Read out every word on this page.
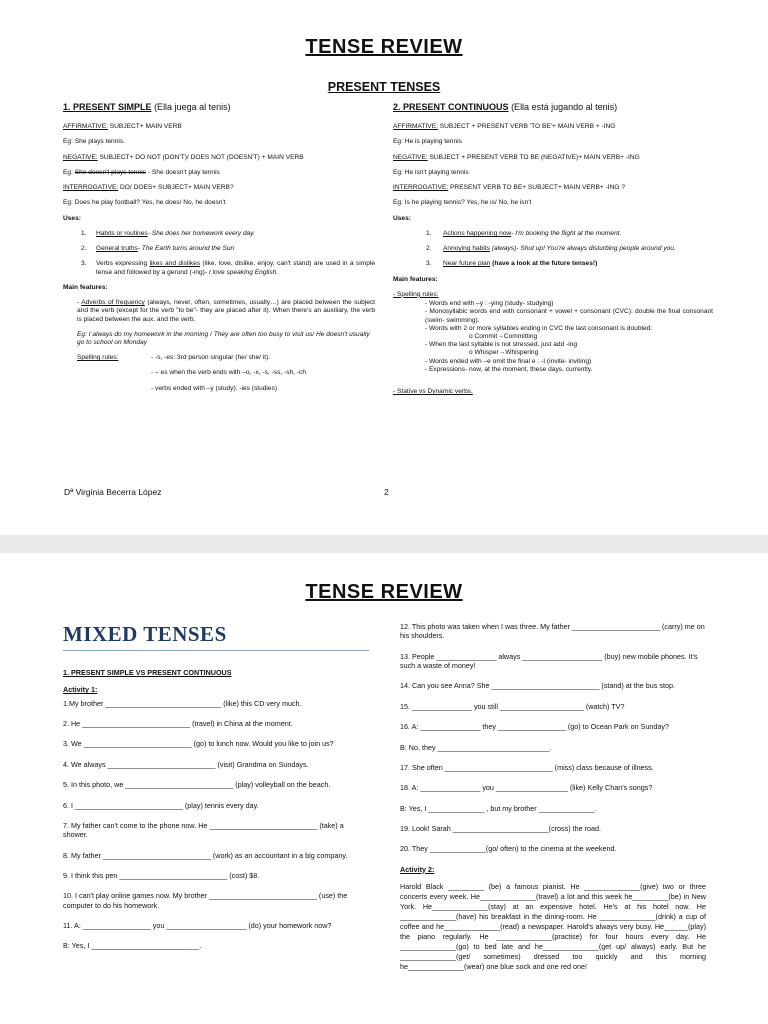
TENSE REVIEW
PRESENT TENSES

1. PRESENT SIMPLE (Ella juega al tenis)

AFFIRMATIVE: SUBJECT+ MAIN VERB

Eg: She plays tennis.

NEGATIVE: SUBJECT+ DO NOT (DON'T)/ DOES NOT (DOESN'T) + MAIN VERB

Eg: She doesn't plays tennis - She doesn't play tennis

INTERROGATIVE: DO/ DOES+ SUBJECT+ MAIN VERB?

Eg: Does he play football? Yes, he does/ No, he doesn't

Uses:

1. Habits or routines- She does her homework every day.
2. General truths- The Earth turns around the Sun
3. Verbs expressing likes and dislikes (like, love, dislike, enjoy, can't stand) are used in a simple tense and followed by a gerund (-ing)- I love speaking English.

Main features:

- Adverbs of frequency (always, never, often, sometimes, usually…) are placed between the subject and the verb (except for the verb "to be"- they are placed after it). When there's an auxiliary, the verb is placed between the aux. and the verb.

Eg: I always do my homework in the morning / They are often too busy to visit us/ He doesn't usually go to school on Monday

Spelling rules:	- -s, -es: 3rd person singular (he/ she/ it).
- – es when the verb ends with –o, -x, -s, -ss, -sh, -ch
- verbs ended with –y (study): -ies (studies)

2. PRESENT CONTINUOUS (Ella está jugando al tenis)

AFFIRMATIVE: SUBJECT + PRESENT VERB 'TO BE'+ MAIN VERB + -ING

Eg: He is playing tennis

NEGATIVE: SUBJECT + PRESENT VERB TO BE (NEGATIVE)+ MAIN VERB+ -ING

Eg: He isn't playing tennis

INTERROGATIVE: PRESENT VERB TO BE+ SUBJECT+ MAIN VERB+ -ING ?

Eg: Is he playing tennis? Yes, he is/ No, he isn't

Uses:

1. Actions happening now- I'm booking the flight at the moment.
2. Annoying habits (always)- Shut up! You're always disturbing people around you.
3. Near future plan (have a look at the future tenses!)

Main features:

- Spelling rules:

- Words end with –y : -ying (study- studying)
- Monosyllabic words end with consonant + vowel + consonant (CVC): double the final consonant (swim- swimming).
- Words with 2 or more syllables ending in CVC the last consonant is doubled:
o Commit→Committing
- When the last syllable is not stressed, just add -ing
o Whisper→Whispering
- Words ended with –e omit the final e : -I (invite- inviting)
- Expressions- now, at the moment, these days, currently.

- Stative vs Dynamic verbs.

Dª Virginia Becerra López	2
TENSE REVIEW
MIXED TENSES

1. PRESENT SIMPLE VS PRESENT CONTINUOUS

Activity 1:

1.My brother _____________________________ (like) this CD very much.

2. He ___________________________ (travel) in China at the moment.

3. We ___________________________ (go) to lunch now. Would you like to join us?

4. We always ___________________________ (visit) Grandma on Sundays.

5. In this photo, we ___________________________ (play) volleyball on the beach.

6. I ___________________________ (play) tennis every day.

7. My father can't come to the phone now. He ___________________________ (take) a shower.

8. My father ___________________________ (work) as an accountant in a big company.

9. I think this pen ___________________________ (cost) $8.

10. I can't play online games now. My brother ___________________________ (use) the computer to do his homework.

11. A: _________________ you ____________________ (do) your homework now?

B: Yes, I ___________________________.

12. This photo was taken when I was three. My father ______________________ (carry) me on his shoulders.

13. People _______________ always ____________________ (buy) new mobile phones. It's such a waste of money!

14. Can you see Anna? She ___________________________ (stand) at the bus stop.

15. _______________ you still _____________________ (watch) TV?

16. A: _______________ they _________________ (go) to Ocean Park on Sunday?

B: No, they ____________________________.

17. She often ___________________________ (miss) class because of illness.

18. A: _______________ you __________________ (like) Kelly Chan's songs?

B: Yes, I ______________ , but my brother ______________.

19. Look! Sarah ________________________(cross) the road.

20. They ______________(go/ often) to the cinema at the weekend.

Activity 2:

Harold Black _________ (be) a famous pianist. He ______________(give) two or three concerts every week. He______________(travel) a lot and this week he_________(be) in New York. He______________(stay) at an expensive hotel. He's at his hotel now. He ______________(have) his breakfast in the dining-room. He ______________(drink) a cup of coffee and he______________(read) a newspaper. Harold's always very busy. He______(play) the piano regularly. He ______________(practise) for four hours every day. He ______________(go) to bed late and he______________(get up/ always) early. But he ______________(get/ sometimes) dressed too quickly and this morning he______________(wear) one blue sock and one red one!
